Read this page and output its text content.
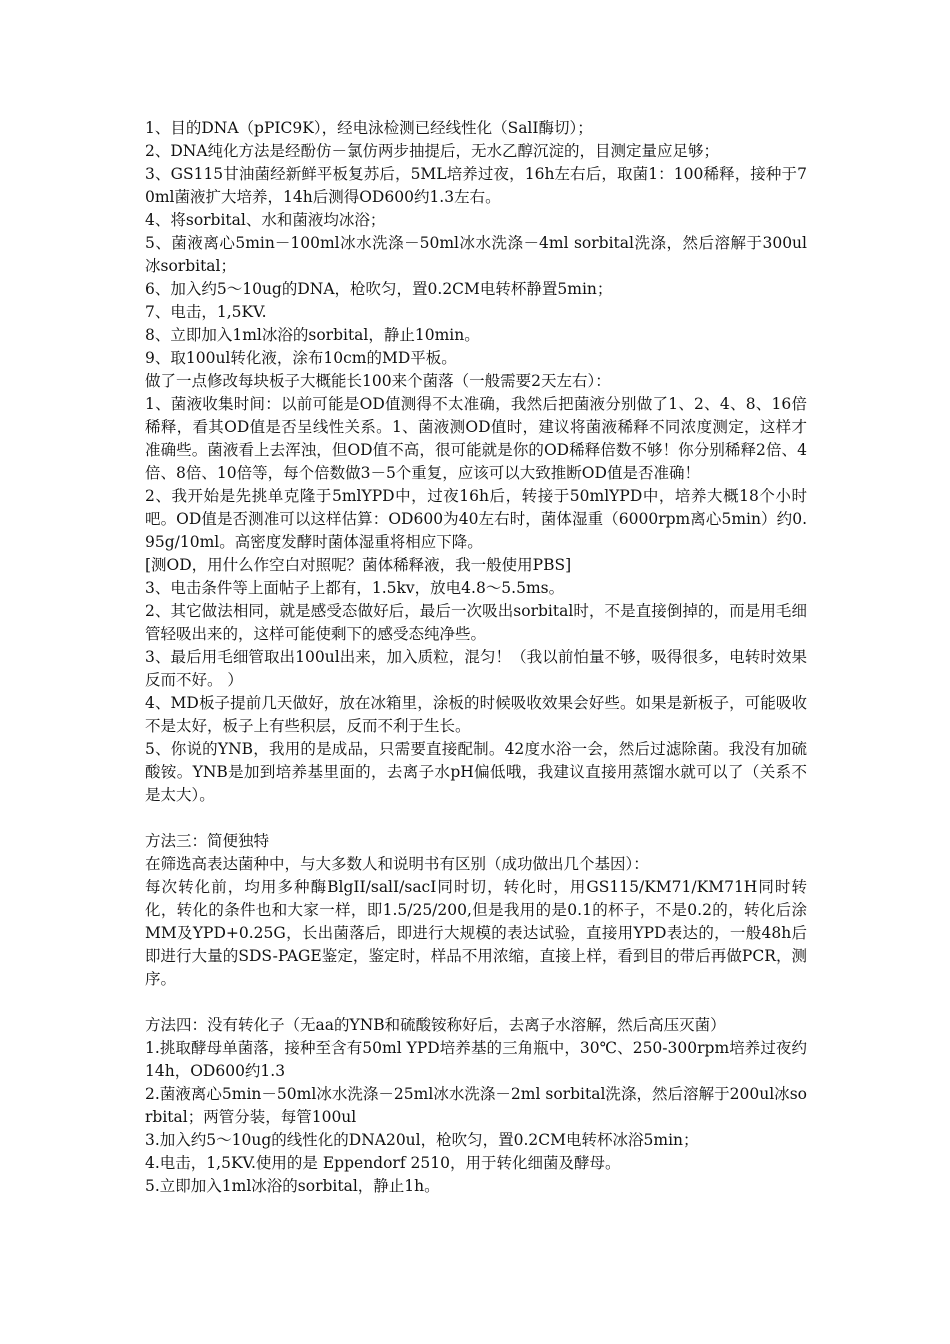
1、目的DNA（pPIC9K），经电泳检测已经线性化（SalI酶切）；

2、DNA纯化方法是经酚仿－氯仿两步抽提后，无水乙醇沉淀的，目测定量应足够；

3、GS115甘油菌经新鲜平板复苏后，5ML培养过夜，16h左右后，取菌1：100稀释，接种于70ml菌液扩大培养，14h后测得OD600约1.3左右。

4、将sorbital、水和菌液均冰浴；

5、菌液离心5min－100ml冰水洗涤－50ml冰水洗涤－4ml sorbital洗涤，然后溶解于300ul冰sorbital；

6、加入约5～10ug的DNA，枪吹匀，置0.2CM电转杯静置5min；

7、电击，1,5KV.

8、立即加入1ml冰浴的sorbital，静止10min。

9、取100ul转化液，涂布10cm的MD平板。

做了一点修改每块板子大概能长100来个菌落（一般需要2天左右）：

1、菌液收集时间：以前可能是OD值测得不太准确，我然后把菌液分别做了1、2、4、8、16倍稀释，看其OD值是否呈线性关系。1、菌液测OD值时，建议将菌液稀释不同浓度测定，这样才准确些。菌液看上去浑浊，但OD值不高，很可能就是你的OD稀释倍数不够！你分别稀释2倍、4倍、8倍、10倍等，每个倍数做3－5个重复，应该可以大致推断OD值是否准确！

2、我开始是先挑单克隆于5mlYPD中，过夜16h后，转接于50mlYPD中，培养大概18个小时吧。OD值是否测准可以这样估算：OD600为40左右时，菌体湿重（6000rpm离心5min）约0.95g/10ml。高密度发酵时菌体湿重将相应下降。

[测OD，用什么作空白对照呢？菌体稀释液，我一般使用PBS]

3、电击条件等上面帖子上都有，1.5kv，放电4.8～5.5ms。

2、其它做法相同，就是感受态做好后，最后一次吸出sorbital时，不是直接倒掉的，而是用毛细管轻吸出来的，这样可能使剩下的感受态纯净些。

3、最后用毛细管取出100ul出来，加入质粒，混匀！（我以前怕量不够，吸得很多，电转时效果反而不好。 ）

4、MD板子提前几天做好，放在冰箱里，涂板的时候吸收效果会好些。如果是新板子，可能吸收不是太好，板子上有些积层，反而不利于生长。

5、你说的YNB，我用的是成品，只需要直接配制。42度水浴一会，然后过滤除菌。我没有加硫酸铵。YNB是加到培养基里面的，去离子水pH偏低哦，我建议直接用蒸馏水就可以了（关系不是太大）。

方法三：简便独特

在筛选高表达菌种中，与大多数人和说明书有区别（成功做出几个基因）：

每次转化前，均用多种酶BlgII/salI/sacI同时切，转化时，用GS115/KM71/KM71H同时转化，转化的条件也和大家一样，即1.5/25/200,但是我用的是0.1的杯子，不是0.2的，转化后涂MM及YPD+0.25G，长出菌落后，即进行大规模的表达试验，直接用YPD表达的，一般48h后即进行大量的SDS-PAGE鉴定，鉴定时，样品不用浓缩，直接上样，看到目的带后再做PCR，测序。

方法四：没有转化子（无aa的YNB和硫酸铵称好后，去离子水溶解，然后高压灭菌）

1.挑取酵母单菌落，接种至含有50ml YPD培养基的三角瓶中，30℃、250-300rpm培养过夜约14h，OD600约1.3

2.菌液离心5min－50ml冰水洗涤－25ml冰水洗涤－2ml sorbital洗涤，然后溶解于200ul冰sorbital；两管分装，每管100ul

3.加入约5～10ug的线性化的DNA20ul，枪吹匀，置0.2CM电转杯冰浴5min；

4.电击，1,5KV.使用的是 Eppendorf 2510，用于转化细菌及酵母。

5.立即加入1ml冰浴的sorbital，静止1h。
